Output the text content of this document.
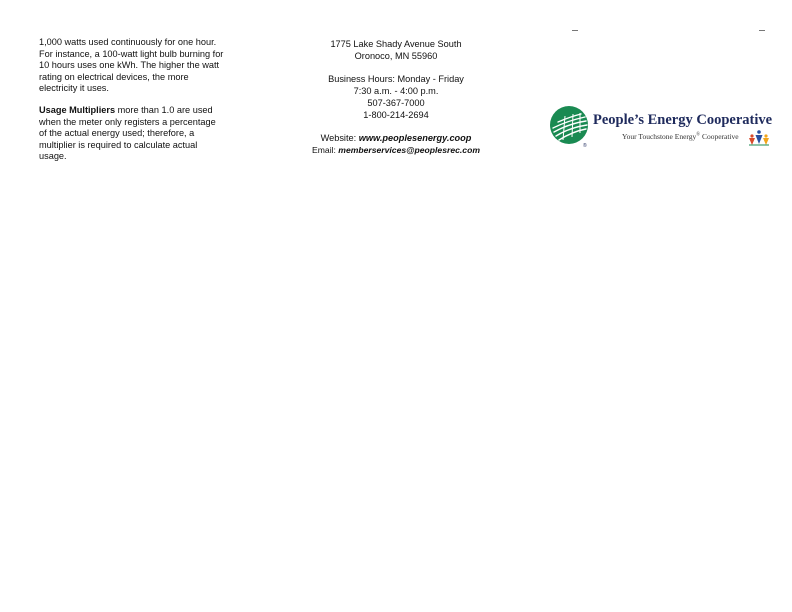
1,000 watts used continuously for one hour. For instance, a 100-watt light bulb burning for 10 hours uses one kWh. The higher the watt rating on electrical devices, the more electricity it uses.

Usage Multipliers more than 1.0 are used when the meter only registers a percentage of the actual energy used; therefore, a multiplier is required to calculate actual usage.

1775 Lake Shady Avenue South
Oronoco, MN 55960
Business Hours: Monday - Friday
7:30 a.m. - 4:00 p.m.
507-367-7000
1-800-214-2694
Website: www.peoplesenergy.coop
Email: memberservices@peoplesrec.com	®
People’s Energy Cooperative
Your Touchstone Energy® Cooperative
